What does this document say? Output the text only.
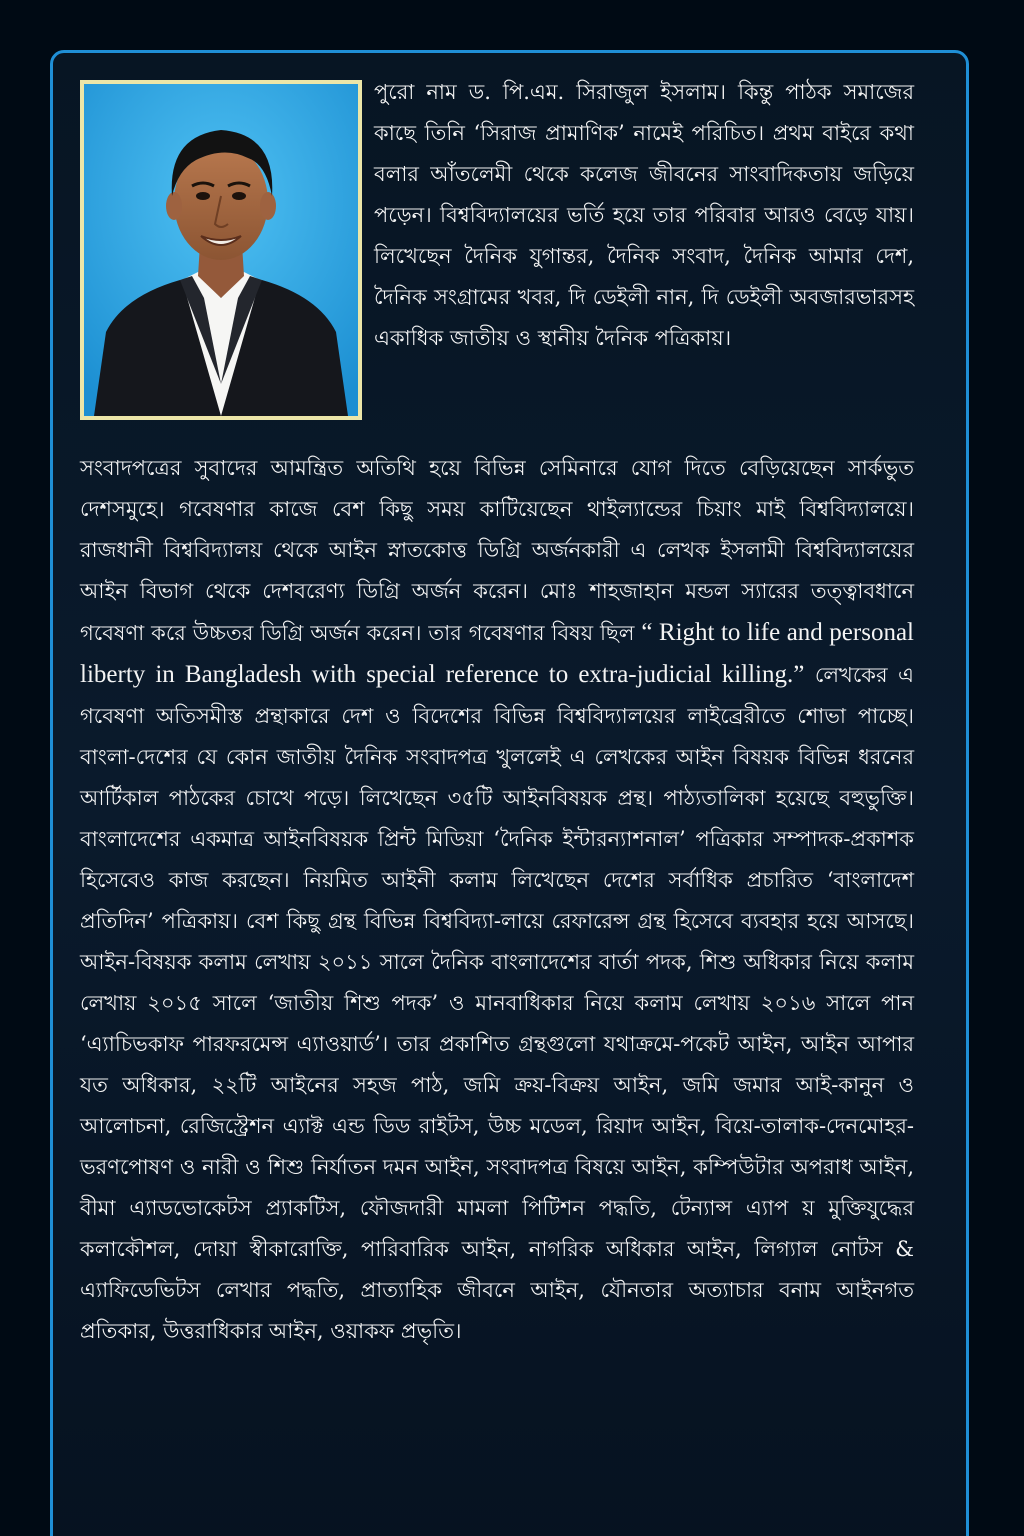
পুরো নাম ড. পি.এম. সিরাজুল ইসলাম। কিন্তু পাঠক সমাজের কাছে তিনি ‘সিরাজ প্রামাণিক’ নামেই পরিচিত। প্রথম বাইরে কথা বলার আঁতলেমী থেকে কলেজ জীবনের সাংবাদিকতায় জড়িয়ে পড়েন। বিশ্ববিদ্যালয়ের ভর্তি হয়ে তার পরিবার আরও বেড়ে যায়। লিখেছেন দৈনিক যুগান্তর, দৈনিক সংবাদ, দৈনিক আমার দেশ, দৈনিক সংগ্রামের খবর, দি ডেইলী নান, দি ডেইলী অবজারভারসহ একাধিক জাতীয় ও স্থানীয় দৈনিক পত্রিকায়।

সংবাদপত্রের সুবাদের আমন্ত্রিত অতিথি হয়ে বিভিন্ন সেমিনারে যোগ দিতে বেড়িয়েছেন সার্কভুত দেশসমুহে। গবেষণার কাজে বেশ কিছু সময় কাটিয়েছেন থাইল্যান্ডের চিয়াং মাই বিশ্ববিদ্যালয়ে। রাজধানী বিশ্ববিদ্যালয় থেকে আইন স্নাতকোত্ত ডিগ্রি অর্জনকারী এ লেখক ইসলামী বিশ্ববিদ্যালয়ের আইন বিভাগ থেকে দেশবরেণ্য ডিগ্রি অর্জন করেন। মোঃ শাহজাহান মন্ডল স্যারের তত্ত্বাবধানে গবেষণা করে উচ্চতর ডিগ্রি অর্জন করেন। তার গবেষণার বিষয় ছিল “ Right to life and personal liberty in Bangladesh with special reference to extra-judicial killing.” লেখকের এ গবেষণা অতিসমীস্ত প্রন্থাকারে দেশ ও বিদেশের বিভিন্ন বিশ্ববিদ্যালয়ের লাইব্রেরীতে শোভা পাচ্ছে। বাংলা-দেশের যে কোন জাতীয় দৈনিক সংবাদপত্র খুললেই এ লেখকের আইন বিষয়ক বিভিন্ন ধরনের আর্টিকাল পাঠকের চোখে পড়ে। লিখেছেন ৩৫টি আইনবিষয়ক প্রন্থ। পাঠ্যতালিকা হয়েছে বহুভুক্তি। বাংলাদেশের একমাত্র আইনবিষয়ক প্রিন্ট মিডিয়া ‘দৈনিক ইন্টারন্যাশনাল’ পত্রিকার সম্পাদক-প্রকাশক হিসেবেও কাজ করছেন। নিয়মিত আইনী কলাম লিখেছেন দেশের সর্বাধিক প্রচারিত ‘বাংলাদেশ প্রতিদিন’ পত্রিকায়। বেশ কিছু গ্রন্থ বিভিন্ন বিশ্ববিদ্যা-লায়ে রেফারেন্স গ্রন্থ হিসেবে ব্যবহার হয়ে আসছে। আইন-বিষয়ক কলাম লেখায় ২০১১ সালে দৈনিক বাংলাদেশের বার্তা পদক, শিশু অধিকার নিয়ে কলাম লেখায় ২০১৫ সালে ‘জাতীয় শিশু পদক’ ও মানবাধিকার নিয়ে কলাম লেখায় ২০১৬ সালে পান ‘এ্যাচিভকাফ পারফরমেন্স এ্যাওয়ার্ড’। তার প্রকাশিত গ্রন্থগুলো যথাক্রমে-পকেট আইন, আইন আপার যত অধিকার, ২২টি আইনের সহজ পাঠ, জমি ক্রয়-বিক্রয় আইন, জমি জমার আই-কানুন ও আলোচনা, রেজিস্ট্রেশন এ্যাক্ট এন্ড ডিড রাইটস, উচ্চ মডেল, রিয়াদ আইন, বিয়ে-তালাক-দেনমোহর-ভরণপোষণ ও নারী ও শিশু নির্যাতন দমন আইন, সংবাদপত্র বিষয়ে আইন, কম্পিউটার অপরাধ আইন, বীমা এ্যাডভোকেটস প্র্যাকটিস, ফৌজদারী মামলা পিটিশন পদ্ধতি, টেন্যান্স এ্যাপ য় মুক্তিযুদ্ধের কলাকৌশল, দোয়া স্বীকারোক্তি, পারিবারিক আইন, নাগরিক অধিকার আইন, লিগ্যাল নোটস & এ্যাফিডেভিটস লেখার পদ্ধতি, প্রাত্যাহিক জীবনে আইন, যৌনতার অত্যাচার বনাম আইনগত প্রতিকার, উত্তরাধিকার আইন, ওয়াকফ প্রভৃতি।
